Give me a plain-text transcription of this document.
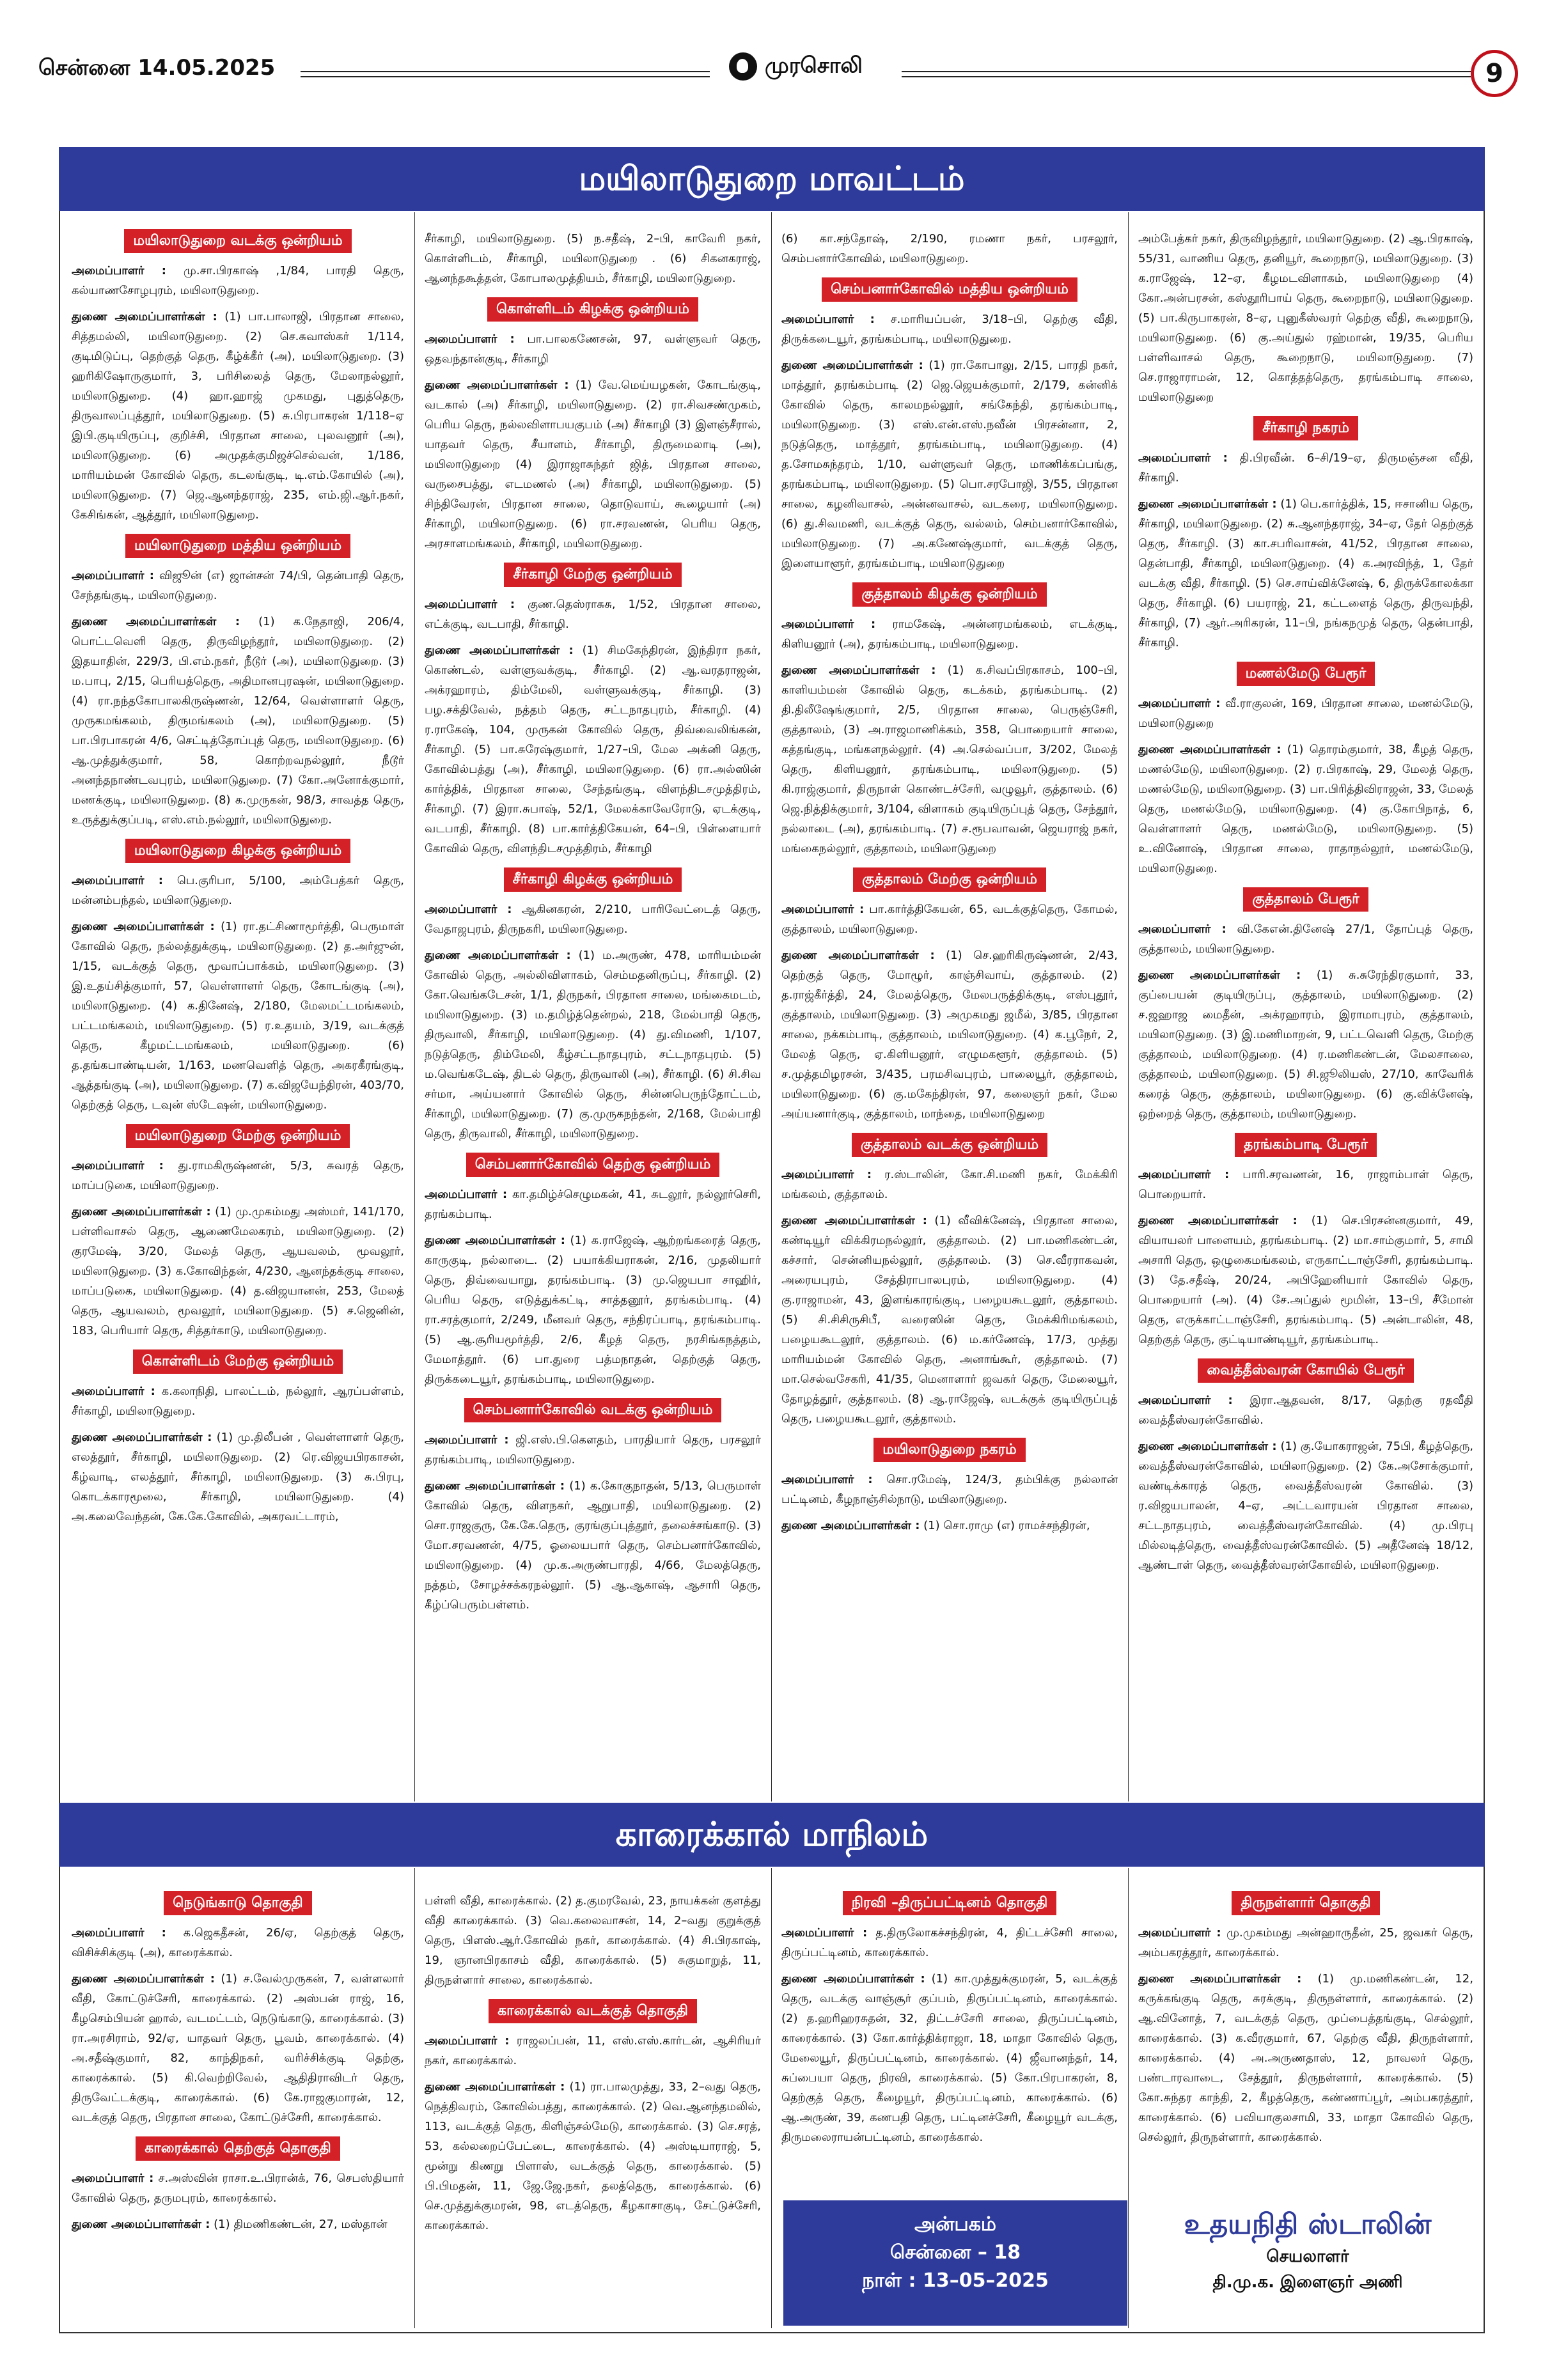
சென்னை 14.05.2025	முரசொலி	9
மயிலாடுதுறை மாவட்டம்
காரைக்கால் மாநிலம்
மயிலாடுதுறை வடக்கு ஒன்றியம்

அமைப்பாளர் : மு.சா.பிரகாஷ் ,1/84, பாரதி தெரு, கல்யாணசோழபுரம், மயிலாடுதுறை.

துணை அமைப்பாளர்கள் : (1) பா.பாலாஜி, பிரதான சாலை, சித்தமல்லி, மயிலாடுதுறை. (2) செ.சுவாஸ்கர் 1/114, குடிமிடுப்பு, தெற்குத் தெரு, கீழ்க்கீர் (அ), மயிலாடுதுறை. (3) ஹரிகிஷோருகுமார், 3, பரிசிலைத் தெரு, மேலாநல்லூர், மயிலாடுதுறை. (4) ஹா.ஹாஜ் முகமது, புதுத்தெரு, திருவாலப்புத்தூர், மயிலாடுதுறை. (5) சு.பிரபாகரன் 1/118–ஏ இபி.குடியிருப்பு, குறிச்சி, பிரதான சாலை, புலவனூர் (அ), மயிலாடுதுறை. (6) அமுதக்குமிஜச்செல்வன், 1/186, மாரியம்மன் கோவில் தெரு, கடலங்குடி, டி.எம்.கோயில் (அ), மயிலாடுதுறை. (7) ஜெ.ஆனந்தராஜ், 235, எம்.ஜி.ஆர்.நகர், கேசிங்கன், ஆத்தூர், மயிலாடுதுறை.

மயிலாடுதுறை மத்திய ஒன்றியம்

அமைப்பாளர் : விஜூன் (எ) ஜான்சன் 74/பி, தென்பாதி தெரு, சேந்தங்குடி, மயிலாடுதுறை.

துணை அமைப்பாளர்கள் : (1) க.நேதாஜி, 206/4, பொட்டவெளி தெரு, திருவிழந்தூர், மயிலாடுதுறை. (2) இதயாதின், 229/3, பி.எம்.நகர், நீடூர் (அ), மயிலாடுதுறை. (3) ம.பாபு, 2/15, பெரியத்தெரு, அதிமானபுரஷன், மயிலாடுதுறை. (4) ரா.நந்தகோபாலகிருஷ்ணன், 12/64, வெள்ளாளர் தெரு, முருகமங்கலம், திருமங்கலம் (அ), மயிலாடுதுறை. (5) பா.பிரபாகரன் 4/6, செட்டித்தோப்புத் தெரு, மயிலாடுதுறை. (6) ஆ.முத்துக்குமார், 58, கொற்றவநல்லூர், நீடூர் அனந்தநாண்டவபுரம், மயிலாடுதுறை. (7) கோ.அனோக்குமார், மணக்குடி, மயிலாடுதுறை. (8) க.முருகன், 98/3, சாவத்த தெரு, உருத்துக்குப்படி, எஸ்.எம்.நல்லூர், மயிலாடுதுறை.

மயிலாடுதுறை கிழக்கு ஒன்றியம்

அமைப்பாளர் : பெ.குரிபா, 5/100, அம்பேத்கர் தெரு, மன்னம்பந்தல், மயிலாடுதுறை.

துணை அமைப்பாளர்கள் : (1) ரா.தட்சிணாமூர்த்தி, பெருமாள் கோவில் தெரு, நல்லத்துக்குடி, மயிலாடுதுறை. (2) த.அர்ஜுன், 1/15, வடக்குத் தெரு, மூவாப்பாக்கம், மயிலாடுதுறை. (3) இ.உதய்சித்குமார், 57, வெள்ளாளர் தெரு, கோடங்குடி (அ), மயிலாடுதுறை. (4) க.தினேஷ், 2/180, மேலமட்டமங்கலம், பட்டமங்கலம், மயிலாடுதுறை. (5) ர.உதயம், 3/19, வடக்குத் தெரு, கீழமட்டமங்கலம், மயிலாடுதுறை. (6) த.தங்கபாண்டியன், 1/163, மணவெளித் தெரு, அகரகீரங்குடி, ஆத்தங்குடி (அ), மயிலாடுதுறை. (7) க.விஜயேந்திரன், 403/70, தெற்குத் தெரு, டவுன் ஸ்டேஷன், மயிலாடுதுறை.

மயிலாடுதுறை மேற்கு ஒன்றியம்

அமைப்பாளர் : து.ராமகிருஷ்ணன், 5/3, சுவரத் தெரு, மாப்படுகை, மயிலாடுதுறை.

துணை அமைப்பாளர்கள் : (1) மு.முகம்மது அஸ்மர், 141/170, பள்ளிவாசல் தெரு, ஆணைமேலகரம், மயிலாடுதுறை. (2) குரமேஷ், 3/20, மேலத் தெரு, ஆயவலம், மூவலூர், மயிலாடுதுறை. (3) க.கோவிந்தன், 4/230, ஆனந்தக்குடி சாலை, மாப்படுகை, மயிலாடுதுறை. (4) த.விஜயானன், 253, மேலத் தெரு, ஆயவலம், மூவலூர், மயிலாடுதுறை. (5) ச.ஜெனின், 183, பெரியார் தெரு, சித்தர்காடு, மயிலாடுதுறை.

கொள்ளிடம் மேற்கு ஒன்றியம்

அமைப்பாளர் : க.கலாநிதி, பாலட்டம், நல்லூர், ஆரப்பள்ளம், சீர்காழி, மயிலாடுதுறை.

துணை அமைப்பாளர்கள் : (1) மு.திலீபன் , வெள்ளாளர் தெரு, எலத்தூர், சீர்காழி, மயிலாடுதுறை. (2) ரெ.விஜயபிரகாசன், கீழ்வாடி, எலத்தூர், சீர்காழி, மயிலாடுதுறை. (3) சு.பிரபு, கொடக்காரமூலை, சீர்காழி, மயிலாடுதுறை. (4) அ.கலைவேந்தன், கே.கே.கோவில், அகரவட்டாரம்,

சீர்காழி, மயிலாடுதுறை. (5) ந.சதீஷ், 2–பி, காவேரி நகர், கொள்ளிடம், சீர்காழி, மயிலாடுதுறை . (6) சிகனகராஜ், ஆனந்தகூத்தன், கோபாலமுத்தியம், சீர்காழி, மயிலாடுதுறை.

கொள்ளிடம் கிழக்கு ஒன்றியம்

அமைப்பாளர் : பா.பாலகணேசன், 97, வள்ளுவர் தெரு, ஒதவந்தான்குடி, சீர்காழி

துணை அமைப்பாளர்கள் : (1) வே.மெய்யழகன், கோடங்குடி, வடகால் (அ) சீர்காழி, மயிலாடுதுறை. (2) ரா.சிவசண்முகம், பெரிய தெரு, நல்லவிளாபயகுபம் (அ) சீர்காழி (3) இளஞ்சீரால், யாதவர் தெரு, சீயாளம், சீர்காழி, திருமைலாடி (அ), மயிலாடுதுறை (4) இராஜாசுந்தர் ஜித், பிரதான சாலை, வருசைபத்து, எடமணல் (அ) சீர்காழி, மயிலாடுதுறை. (5) சிந்திவேரன், பிரதான சாலை, தொடுவாய், கூழையார் (அ) சீர்காழி, மயிலாடுதுறை. (6) ரா.சரவணன், பெரிய தெரு, அரசாளமங்கலம், சீர்காழி, மயிலாடுதுறை.

சீர்காழி மேற்கு ஒன்றியம்

அமைப்பாளர் : குண.தெஸ்ராசுசு, 1/52, பிரதான சாலை, எட்க்குடி, வடபாதி, சீர்காழி.

துணை அமைப்பாளர்கள் : (1) சிமகேந்திரன், இந்திரா நகர், கொண்டல், வள்ளுவக்குடி, சீர்காழி. (2) ஆ.வரதராஜன், அக்ரஹாரம், திம்மேலி, வள்ளுவக்குடி, சீர்காழி. (3) பழ.சக்திவேல், நத்தம் தெரு, சட்டநாதபுரம், சீர்காழி. (4) ர.ராகேஷ், 104, முருகன் கோவில் தெரு, திவ்வைலிங்கன், சீர்காழி. (5) பா.சுரேஷ்குமார், 1/27–பி, மேல அக்னி தெரு, கோவில்பத்து (அ), சீர்காழி, மயிலாடுதுறை. (6) ரா.அல்ஸின் கார்த்திக், பிரதான சாலை, சேந்தங்குடி, விளந்திடசமுத்திரம், சீர்காழி. (7) இரா.சுபாஷ், 52/1, மேலக்காவேரோடு, ஏடக்குடி, வடபாதி, சீர்காழி. (8) பா.கார்த்திகேயன், 64–பி, பிள்ளையார் கோவில் தெரு, விளந்திடசமுத்திரம், சீர்காழி

சீர்காழி கிழக்கு ஒன்றியம்

அமைப்பாளர் : ஆகினகரன், 2/210, பாரிவேட்டைத் தெரு, வேதாஜபுரம், திருநகரி, மயிலாடுதுறை.

துணை அமைப்பாளர்கள் : (1) ம.அருண், 478, மாரியம்மன் கோவில் தெரு, அல்லிவிளாகம், செம்மதனிருப்பு, சீர்காழி. (2) கோ.வெங்கடேசன், 1/1, திருநகர், பிரதான சாலை, மங்கைமடம், மயிலாடுதுறை. (3) ம.தமிழ்த்தென்றல், 218, மேல்பாதி தெரு, திருவாலி, சீர்காழி, மயிலாடுதுறை. (4) து.விமணி, 1/107, நடுத்தெரு, திம்மேலி, கீழ்சட்டநாதபுரம், சட்டநாதபுரம். (5) ம.வெங்கடேஷ், திடல் தெரு, திருவாலி (அ), சீர்காழி. (6) சி.சிவ சர்மா, அய்யனார் கோவில் தெரு, சின்னபெருந்தோட்டம், சீர்காழி, மயிலாடுதுறை. (7) கு.முருகநந்தன், 2/168, மேல்பாதி தெரு, திருவாலி, சீர்காழி, மயிலாடுதுறை.

செம்பனார்கோவில் தெற்கு ஒன்றியம்

அமைப்பாளர் : கா.தமிழ்ச்செழுமகன், 41, சுடலூர், நல்லூர்செரி, தரங்கம்பாடி.

துணை அமைப்பாளர்கள் : (1) க.ராஜேஷ், ஆற்றங்கரைத் தெரு, காருகுடி, நல்லாடை. (2) பயாக்கியராகன், 2/16, முதலியார் தெரு, திவ்வையாறு, தரங்கம்பாடி. (3) மு.ஜெயபா சாஹிர், பெரிய தெரு, எடுத்துக்கட்டி, சாத்தனூர், தரங்கம்பாடி. (4) ரா.சரத்குமார், 2/249, மீனவர் தெரு, சந்திரப்பாடி, தரங்கம்பாடி. (5) ஆ.சூரியமூர்த்தி, 2/6, கீழத் தெரு, நரசிங்கநத்தம், மேமாத்தூர். (6) பா.துரை பத்மநாதன், தெற்குத் தெரு, திருக்கடையூர், தரங்கம்பாடி, மயிலாடுதுறை.

செம்பனார்கோவில் வடக்கு ஒன்றியம்

அமைப்பாளர் : ஜி.எஸ்.பி.கௌதம், பாரதியார் தெரு, பரசலூர் தரங்கம்பாடி, மயிலாடுதுறை.

துணை அமைப்பாளர்கள் : (1) க.கோகுநாதன், 5/13, பெருமாள் கோவில் தெரு, விளநகர், ஆறுபாதி, மயிலாடுதுறை. (2) சொ.ராஜகுரு, கே.கே.தெரு, குரங்குப்புத்தூர், தலைச்சங்காடு. (3) மோ.சரவணன், 4/75, ஓலையபார் தெரு, செம்பனார்கோவில், மயிலாடுதுறை. (4) மு.க.அருண்பாரதி, 4/66, மேலத்தெரு, நத்தம், சோழச்சக்கரநல்லூர். (5) ஆ.ஆகாஷ், ஆசாரி தெரு, கீழ்ப்பெரும்பள்ளம்.

(6) கா.சந்தோஷ், 2/190, ரமணா நகர், பரசலூர், செம்பனார்கோவில், மயிலாடுதுறை.

செம்பனார்கோவில் மத்திய ஒன்றியம்

அமைப்பாளர் : ச.மாரியப்பன், 3/18–பி, தெற்கு வீதி, திருக்கடையூர், தரங்கம்பாடி, மயிலாடுதுறை.

துணை அமைப்பாளர்கள் : (1) ரா.கோபாலு, 2/15, பாரதி நகர், மாத்தூர், தரங்கம்பாடி (2) ஜெ.ஜெயக்குமார், 2/179, கன்னிக் கோவில் தெரு, காலமநல்லூர், சங்கேந்தி, தரங்கம்பாடி, மயிலாடுதுறை. (3) எஸ்.என்.எஸ்.நவீன் பிரசன்னா, 2, நடுத்தெரு, மாத்தூர், தரங்கம்பாடி, மயிலாடுதுறை. (4) த.சோமசுந்தரம், 1/10, வள்ளுவர் தெரு, மாணிக்கப்பங்கு, தரங்கம்பாடி, மயிலாடுதுறை. (5) பொ.சரபோஜி, 3/55, பிரதான சாலை, கழனிவாசல், அன்னவாசல், வடகரை, மயிலாடுதுறை. (6) து.சிவமணி, வடக்குத் தெரு, வல்லம், செம்பனார்கோவில், மயிலாடுதுறை. (7) அ.கணேஷ்குமார், வடக்குத் தெரு, இளையாளூர், தரங்கம்பாடி, மயிலாடுதுறை

குத்தாலம் கிழக்கு ஒன்றியம்

அமைப்பாளர் : ராமகேஷ், அன்னரமங்கலம், எடக்குடி, கிளியனூர் (அ), தரங்கம்பாடி, மயிலாடுதுறை.

துணை அமைப்பாளர்கள் : (1) க.சிவப்பிரகாசம், 100–பி, காளியம்மன் கோவில் தெரு, கடக்கம், தரங்கம்பாடி. (2) தி.திலீஷேங்குமார், 2/5, பிரதான சாலை, பெருஞ்சேரி, குத்தாலம், (3) அ.ராஜமாணிக்கம், 358, பொறையார் சாலை, கத்தங்குடி, மங்களநல்லூர். (4) அ.செல்வப்பா, 3/202, மேலத் தெரு, கிளியனூர், தரங்கம்பாடி, மயிலாடுதுறை. (5) கி.ராஜ்குமார், திருநாள் கொண்டச்சேரி, வழுவூர், குத்தாலம். (6) ஜெ.நித்திக்குமார், 3/104, விளாகம் குடியிருப்புத் தெரு, சேந்தூர், நல்லாடை (அ), தரங்கம்பாடி. (7) ச.ரூபவாவன், ஜெயராஜ் நகர், மங்கைநல்லூர், குத்தாலம், மயிலாடுதுறை

குத்தாலம் மேற்கு ஒன்றியம்

அமைப்பாளர் : பா.கார்த்திகேயன், 65, வடக்குத்தெரு, கோமல், குத்தாலம், மயிலாடுதுறை.

துணை அமைப்பாளர்கள் : (1) செ.ஹரிகிருஷ்ணன், 2/43, தெற்குத் தெரு, மோழூர், காஞ்சிவாய், குத்தாலம். (2) த.ராஜ்கீர்த்தி, 24, மேலத்தெரு, மேலபருத்திக்குடி, எஸ்புதூர், குத்தாலம், மயிலாடுதுறை. (3) அமுகமது ஜமீல், 3/85, பிரதான சாலை, நக்கம்பாடி, குத்தாலம், மயிலாடுதுறை. (4) க.பூநேர், 2, மேலத் தெரு, ஏ.கிளியனூர், எழுமகளூர், குத்தாலம். (5) ச.முத்தமிழரசன், 3/435, பரமசிவபுரம், பாலையூர், குத்தாலம், மயிலாடுதுறை. (6) கு.மகேந்திரன், 97, கலைஞர் நகர், மேல அய்யனார்குடி, குத்தாலம், மாந்தை, மயிலாடுதுறை

குத்தாலம் வடக்கு ஒன்றியம்

அமைப்பாளர் : ர.ஸ்டாலின், கோ.சி.மணி நகர், மேக்கிரி மங்கலம், குத்தாலம்.

துணை அமைப்பாளர்கள் : (1) வீவிக்னேஷ், பிரதான சாலை, கண்டியூர் விக்கிரமநல்லூர், குத்தாலம். (2) பா.மணிகண்டன், கச்சார், சென்னியநல்லூர், குத்தாலம். (3) செ.வீரராகவன், அரையபுரம், சேத்திராபாலபுரம், மயிலாடுதுறை. (4) கு.ராஜாமன், 43, இளங்காரங்குடி, பழையகூடலூர், குத்தாலம். (5) சி.சிசிருசிபீ, வரைஸின் தெரு, மேக்கிரிமங்கலம், பழையகூடலூர், குத்தாலம். (6) ம.கர்ணேஷ், 17/3, முத்து மாரியம்மன் கோவில் தெரு, அனாங்கூர், குத்தாலம். (7) மா.செல்வசேகரி, 41/35, மெனாளார் ஜவகர் தெரு, மேலையூர், தோழத்தூர், குத்தாலம். (8) ஆ.ராஜேஷ், வடக்குக் குடியிருப்புத் தெரு, பழையகூடலூர், குத்தாலம்.

மயிலாடுதுறை நகரம்

அமைப்பாளர் : சொ.ரமேஷ், 124/3, தம்பிக்கு நல்லான் பட்டினம், கீழநாஞ்சில்நாடு, மயிலாடுதுறை.

துணை அமைப்பாளர்கள் : (1) சொ.ராமு (எ) ராமச்சந்திரன்,

அம்பேத்கர் நகர், திருவிழந்தூர், மயிலாடுதுறை. (2) ஆ.பிரகாஷ், 55/31, வாணிய தெரு, தனியூர், கூறைநாடு, மயிலாடுதுறை. (3) க.ராஜேஷ், 12–ஏ, கீழமடவிளாகம், மயிலாடுதுறை (4) கோ.அன்பரசன், கஸ்தூரிபாய் தெரு, கூறைநாடு, மயிலாடுதுறை. (5) பா.கிருபாகரன், 8–ஏ, புனுகீஸ்வரர் தெற்கு வீதி, கூறைநாடு, மயிலாடுதுறை. (6) கு.அய்துல் ரஹ்மான், 19/35, பெரிய பள்ளிவாசல் தெரு, கூறைநாடு, மயிலாடுதுறை. (7) செ.ராஜாராமன், 12, கொத்தத்தெரு, தரங்கம்பாடி சாலை, மயிலாடுதுறை

சீர்காழி நகரம்

அமைப்பாளர் : தி.பிரவீன். 6–சி/19–ஏ, திருமஞ்சன வீதி, சீர்காழி.

துணை அமைப்பாளர்கள் : (1) பெ.கார்த்திக், 15, ஈசானிய தெரு, சீர்காழி, மயிலாடுதுறை. (2) சு.ஆனந்தராஜ், 34–ஏ, தேர் தெற்குத் தெரு, சீர்காழி. (3) கா.சபரிவாசன், 41/52, பிரதான சாலை, தென்பாதி, சீர்காழி, மயிலாடுதுறை. (4) க.அரவிந்த், 1, தேர் வடக்கு வீதி, சீர்காழி. (5) செ.சாய்விக்னேஷ், 6, திருக்கோலக்கா தெரு, சீர்காழி. (6) பயராஜ், 21, கட்டளைத் தெரு, திருவந்தி, சீர்காழி, (7) ஆர்.அரிகரன், 11–பி, நங்கநமுத் தெரு, தென்பாதி, சீர்காழி.

மணல்மேடு பேரூர்

அமைப்பாளர் : வீ.ராகுலன், 169, பிரதான சாலை, மணல்மேடு, மயிலாடுதுறை

துணை அமைப்பாளர்கள் : (1) தொரம்குமார், 38, கீழத் தெரு, மணல்மேடு, மயிலாடுதுறை. (2) ர.பிரகாஷ், 29, மேலத் தெரு, மணல்மேடு, மயிலாடுதுறை. (3) பா.பிரித்திவிராஜன், 33, மேலத் தெரு, மணல்மேடு, மயிலாடுதுறை. (4) கு.கோபிநாத், 6, வெள்ளாளர் தெரு, மணல்மேடு, மயிலாடுதுறை. (5) உ.வினோஷ், பிரதான சாலை, ராதாநல்லூர், மணல்மேடு, மயிலாடுதுறை.

குத்தாலம் பேரூர்

அமைப்பாளர் : வி.கேஎன்.தினேஷ் 27/1, தோப்புத் தெரு, குத்தாலம், மயிலாடுதுறை.

துணை அமைப்பாளர்கள் : (1) சு.சுரேந்திரகுமார், 33, குப்பையன் குடியிருப்பு, குத்தாலம், மயிலாடுதுறை. (2) ச.ஜஹாஜ மைதீன், அக்ரஹாரம், இராமாபுரம், குத்தாலம், மயிலாடுதுறை. (3) இ.மணிமாறன், 9, பட்டவெளி தெரு, மேற்கு குத்தாலம், மயிலாடுதுறை. (4) ர.மணிகண்டன், மேலசாலை, குத்தாலம், மயிலாடுதுறை. (5) சி.ஜூலியஸ், 27/10, காவேரிக் கரைத் தெரு, குத்தாலம், மயிலாடுதுறை. (6) கு.விக்னேஷ், ஒற்றைத் தெரு, குத்தாலம், மயிலாடுதுறை.

தரங்கம்பாடி பேரூர்

அமைப்பாளர் : பாரி.சரவணன், 16, ராஜாம்பாள் தெரு, பொறையார்.

துணை அமைப்பாளர்கள் : (1) செ.பிரசன்னகுமார், 49, வியாயலர் பாளையம், தரங்கம்பாடி. (2) மா.சாம்குமார், 5, சாமி அசாரி தெரு, ஒழுகைமங்கலம், எருகாட்டாஞ்சேரி, தரங்கம்பாடி. (3) தே.சதீஷ், 20/24, அபிஹேனியார் கோவில் தெரு, பொறையார் (அ). (4) சே.அப்துல் மூமின், 13–பி, சீமோன் தெரு, எருக்காட்டாஞ்சேரி, தரங்கம்பாடி. (5) அன்டாலின், 48, தெற்குத் தெரு, குட்டியாண்டியூர், தரங்கம்பாடி.

வைத்தீஸ்வரன் கோயில் பேரூர்

அமைப்பாளர் : இரா.ஆதவன், 8/17, தெற்கு ரதவீதி வைத்தீஸ்வரன்கோவில்.

துணை அமைப்பாளர்கள் : (1) கு.யோகராஜன், 75பி, கீழத்தெரு, வைத்தீஸ்வரன்கோவில், மயிலாடுதுறை. (2) கே.அசோக்குமார், வண்டிக்காரத் தெரு, வைத்தீஸ்வரன் கோவில். (3) ர.விஜயபாலன், 4–ஏ, அட்டவாரயன் பிரதான சாலை, சட்டநாதபுரம், வைத்தீஸ்வரன்கோவில். (4) மு.பிரபு மில்லடித்தெரு, வைத்தீஸ்வரன்கோவில். (5) அதீனேஷ் 18/12, ஆண்டாள் தெரு, வைத்தீஸ்வரன்கோவில், மயிலாடுதுறை.

நெடுங்காடு தொகுதி

அமைப்பாளர் : க.ஜெகதீசன், 26/ஏ, தெற்குத் தெரு, விசிச்சிக்குடி (அ), காரைக்கால்.

துணை அமைப்பாளர்கள் : (1) ச.வேல்முருகன், 7, வள்ளலார் வீதி, கோட்டுச்சேரி, காரைக்கால். (2) அஸ்பன் ராஜ், 16, கீழசெம்பியன் ஹால், வடமட்டம், நெடுங்காடு, காரைக்கால். (3) ரா.அரசிராம், 92/ஏ, யாதவர் தெரு, பூவம், காரைக்கால். (4) அ.சதீஷ்குமார், 82, காந்திநகர், வரிச்சிக்குடி தெற்கு, காரைக்கால். (5) கி.வெற்றிவேல், ஆதிதிராவிடர் தெரு, திருவேட்டக்குடி, காரைக்கால். (6) கே.ராஜகுமாரன், 12, வடக்குத் தெரு, பிரதான சாலை, கோட்டுச்சேரி, காரைக்கால்.

காரைக்கால் தெற்குத் தொகுதி

அமைப்பாளர் : ச.அஸ்வின் ராசா.உ.பிரான்க், 76, செபஸ்தியார் கோவில் தெரு, தருமபுரம், காரைக்கால்.

துணை அமைப்பாளர்கள் : (1) திமணிகண்டன், 27, மஸ்தான்

பள்ளி வீதி, காரைக்கால். (2) த.குமரவேல், 23, நாயக்கன் குளத்து வீதி காரைக்கால். (3) வெ.கலைவாசன், 14, 2–வது குறுக்குத் தெரு, பிளஸ்.ஆர்.கோவில் நகர், காரைக்கால். (4) சி.பிரகாஷ், 19, ஞானபிரகாசம் வீதி, காரைக்கால். (5) சுகுமாறுத், 11, திருநள்ளார் சாலை, காரைக்கால்.

காரைக்கால் வடக்குத் தொகுதி

அமைப்பாளர் : ராஜலப்பன், 11, எஸ்.எஸ்.கார்டன், ஆசிரியர் நகர், காரைக்கால்.

துணை அமைப்பாளர்கள் : (1) ரா.பாலமுத்து, 33, 2–வது தெரு, நெத்திவரம், கோவில்பத்து, காரைக்கால். (2) வெ.ஆனந்தமலில், 113, வடக்குத் தெரு, கிளிஞ்சல்மேடு, காரைக்கால். (3) செ.சரத், 53, கல்லறைப்பேட்டை, காரைக்கால். (4) அஸ்டியாராஜ், 5, மூன்று கிணறு பிளாஸ், வடக்குத் தெரு, காரைக்கால். (5) பி.பிமதன், 11, ஜே.ஜே.நகர், தலத்தெரு, காரைக்கால். (6) செ.முத்துக்குமரன், 98, எடத்தெரு, கீழகாசாகுடி, சேட்டுச்சேரி, காரைக்கால்.

நிரவி –திருப்பட்டினம் தொகுதி

அமைப்பாளர் : த.திருலோகச்சந்திரன், 4, திட்டச்சேரி சாலை, திருப்பட்டினம், காரைக்கால்.

துணை அமைப்பாளர்கள் : (1) கா.முத்துக்குமரன், 5, வடக்குத் தெரு, வடக்கு வாஞ்சூர் குப்பம், திருப்பட்டினம், காரைக்கால். (2) த.ஹரிஹரசுதன், 32, திட்டச்சேரி சாலை, திருப்பட்டினம், காரைக்கால். (3) கோ.கார்த்திக்ராஜா, 18, மாதா கோவில் தெரு, மேலையூர், திருப்பட்டினம், காரைக்கால். (4) ஜீவானந்தர், 14, சுப்பையா தெரு, நிரவி, காரைக்கால். (5) கோ.பிரபாகரன், 8, தெற்குத் தெரு, கீழையூர், திருப்பட்டினம், காரைக்கால். (6) ஆ.அருண், 39, கணபதி தெரு, பட்டினச்சேரி, கீழையூர் வடக்கு, திருமலைராயன்பட்டினம், காரைக்கால்.

திருநள்ளார் தொகுதி

அமைப்பாளர் : மு.முகம்மது அன்ஹாருதீன், 25, ஜவகர் தெரு, அம்பகரத்தூர், காரைக்கால்.

துணை அமைப்பாளர்கள் : (1) மு.மணிகண்டன், 12, கருக்கங்குடி தெரு, சுரக்குடி, திருநள்ளார், காரைக்கால். (2) ஆ.வினோத், 7, வடக்குத் தெரு, முப்பைத்தங்குடி, செல்லூர், காரைக்கால். (3) க.வீரகுமார், 67, தெற்கு வீதி, திருநள்ளார், காரைக்கால். (4) அ.அருணதாஸ், 12, நாவலர் தெரு, பண்டாரவாடை, சேத்தூர், திருநள்ளார், காரைக்கால். (5) கோ.சுந்தர காந்தி, 2, கீழத்தெரு, கண்ணாப்பூர், அம்பகரத்தூர், காரைக்கால். (6) பவியாகுலசாமி, 33, மாதா கோவில் தெரு, செல்லூர், திருநள்ளார், காரைக்கால்.

அன்பகம்
சென்னை – 18
நாள் : 13–05–2025
உதயநிதி ஸ்டாலின்
செயலாளர்
தி.மு.க. இளைஞர் அணி
